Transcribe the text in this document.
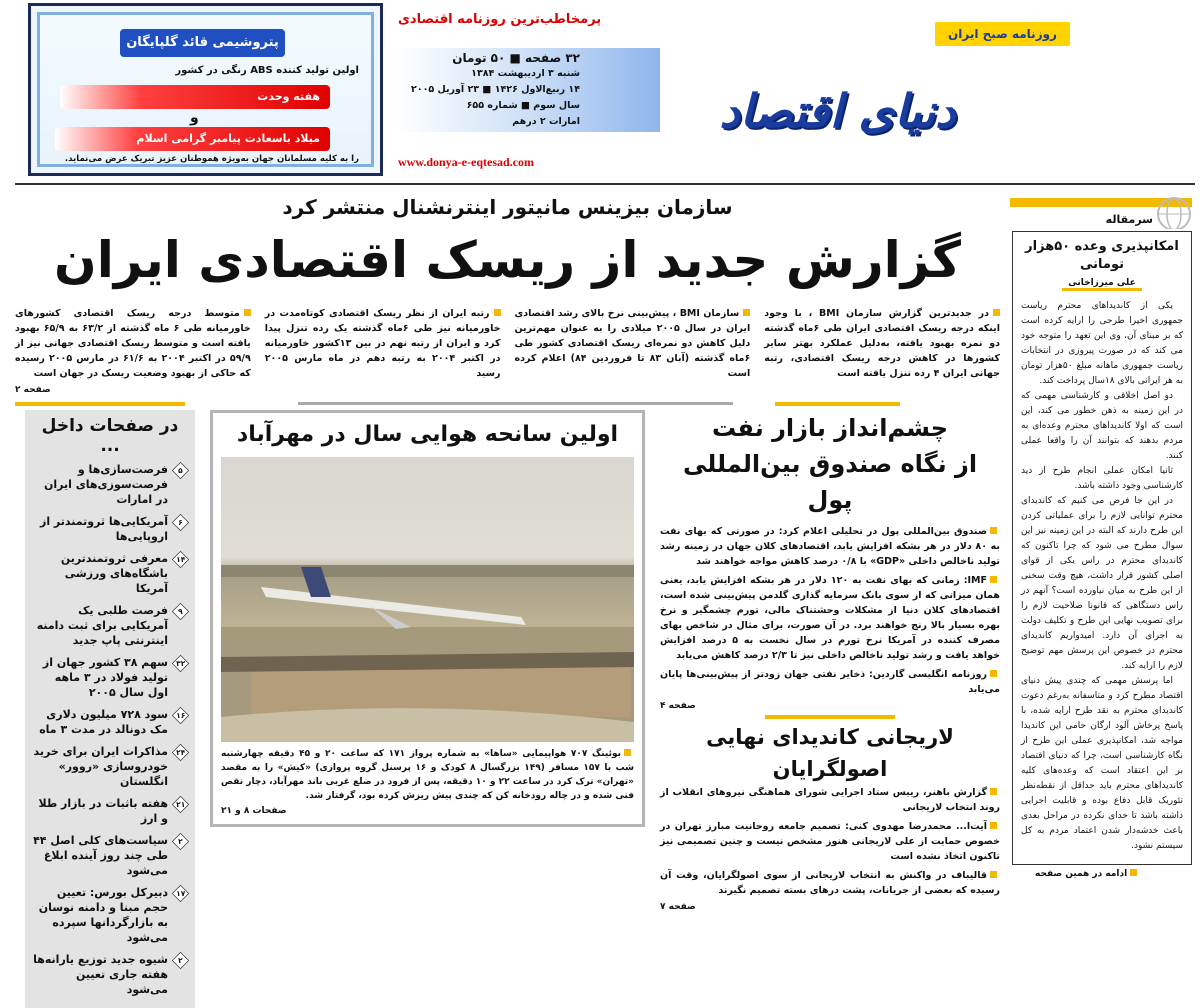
پتروشیمی قائد گلپایگان
اولین تولید کننده ABS رنگی در کشور
هفته وحدت
و
میلاد باسعادت پیامبر گرامی اسلام
را به کلیه مسلمانان جهان به‌ویژه هموطنان عزیز تبریک عرض می‌نماید.
پرمخاطب‌ترین روزنامه اقتصادی
۳۲ صفحه ■ ۵۰ تومان
شنبه ۳ اردیبهشت ۱۳۸۴
۱۴ ربیع‌الاول ۱۴۲۶ ■ ۲۳ آوریل ۲۰۰۵
سال سوم ■ شماره ۶۵۵
امارات ۲ درهم
www.donya-e-eqtesad.com
روزنامه صبح ایران
دنیای اقتصاد
سازمان بیزینس مانیتور اینترنشنال منتشر کرد
گزارش جدید از ریسک اقتصادی ایران
در جدیدترین گزارش سازمان BMI ، با وجود اینکه درجه ریسک اقتصادی ایران طی ۶ماه گذشته دو نمره بهبود یافته، به‌دلیل عملکرد بهتر سایر کشورها در کاهش درجه ریسک اقتصادی، رتبه جهانی ایران ۴ رده تنزل یافته است
سازمان BMI ، پیش‌بینی نرخ بالای رشد اقتصادی ایران در سال ۲۰۰۵ میلادی را به عنوان مهم‌ترین دلیل کاهش دو نمره‌ای ریسک اقتصادی کشور طی ۶ماه گذشته (آبان ۸۳ تا فروردین ۸۴) اعلام کرده است
رتبه ایران از نظر ریسک اقتصادی کوتاه‌مدت در خاورمیانه نیز طی ۶ماه گذشته یک رده تنزل پیدا کرد و ایران از رتبه نهم در بین ۱۳کشور خاورمیانه در اکتبر ۲۰۰۴ به رتبه دهم در ماه مارس ۲۰۰۵ رسید
متوسط درجه ریسک اقتصادی کشورهای خاورمیانه طی ۶ ماه گذشته از ۶۳/۲ به ۶۵/۹ بهبود یافته است و متوسط ریسک اقتصادی جهانی نیز از ۵۹/۹ در اکتبر ۲۰۰۴ به ۶۱/۶ در مارس ۲۰۰۵ رسیده که حاکی از بهبود وضعیت ریسک در جهان است
صفحه ۲
چشم‌انداز بازار نفت
از نگاه صندوق بین‌المللی پول

صندوق بین‌المللی پول در تحلیلی اعلام کرد: در صورتی که بهای نفت به ۸۰ دلار در هر بشکه افزایش یابد، اقتصادهای کلان جهان در زمینه رشد تولید ناخالص داخلی «GDP» با ۰/۸ درصد کاهش مواجه خواهند شد

IMF: زمانی که بهای نفت به ۱۲۰ دلار در هر بشکه افزایش یابد، یعنی همان میزانی که از سوی بانک سرمایه گذاری گلدمن پیش‌بینی شده است، اقتصادهای کلان دنیا از مشکلات وحشتناک مالی، تورم چشمگیر و نرخ بهره بسیار بالا رنج خواهند برد. در آن صورت، برای مثال در شاخص بهای مصرف کننده در آمریکا نرخ تورم در سال نخست به ۵ درصد افزایش خواهد یافت و رشد تولید ناخالص داخلی نیز تا ۲/۳ درصد کاهش می‌یابد

روزنامه انگلیسی گاردین: ذخایر نفتی جهان زودتر از پیش‌بینی‌ها پایان می‌یابد

صفحه ۴
لاریجانی کاندیدای نهایی اصولگرایان

گزارش باهنر، رییس ستاد اجرایی شورای هماهنگی نیروهای انقلاب از روند انتخاب لاریجانی

آیت‌ا... محمدرضا مهدوی کنی: تصمیم جامعه روحانیت مبارز تهران در خصوص حمایت از علی لاریجانی هنوز مشخص نیست و چنین تصمیمی نیز تاکنون اتخاذ نشده است

قالیباف در واکنش به انتخاب لاریجانی از سوی اصولگرایان، وقت آن رسیده که بعضی از جریانات، پشت درهای بسته تصمیم نگیرند

صفحه ۷
اولین سانحه هوایی سال در مهرآباد
بوئینگ ۷۰۷ هواپیمایی «ساها» به شماره پرواز ۱۷۱ که ساعت ۲۰ و ۴۵ دقیقه چهارشنبه شب با ۱۵۷ مسافر (۱۴۹ بزرگسال ۸ کودک و ۱۶ پرسنل گروه پروازی) «کیش» را به مقصد «تهران» ترک کرد در ساعت ۲۲ و ۱۰ دقیقه، پس از فرود در ضلع غربی باند مهرآباد، دچار نقص فنی شده و در چاله رودخانه کن که چندی پیش ریزش کرده بود، گرفتار شد.
صفحات ۸ و ۲۱
در صفحات داخل ...
۵
فرصت‌سازی‌ها و فرصت‌سوزی‌های ایران در امارات
۶
آمریکایی‌ها ثروتمندتر از اروپایی‌ها
۱۴
معرفی ثروتمندترین باشگاه‌های ورزشی آمریکا
۹
فرصت طلبی یک آمریکایی برای ثبت دامنه اینترنتی پاپ جدید
۳۲
سهم ۳۸ کشور جهان از تولید فولاد در ۳ ماهه اول سال ۲۰۰۵
۱۶
سود ۷۲۸ میلیون دلاری مک دونالد در مدت ۳ ماه
۲۴
مذاکرات ایران برای خرید خودروسازی «روور» انگلستان
۲۱
هفته باثبات در بازار طلا و ارز
۲
سیاست‌های کلی اصل ۴۴ طی چند روز آینده ابلاغ می‌شود
۱۷
دبیرکل بورس: تعیین حجم مبنا و دامنه نوسان به بازارگردانها سپرده می‌شود
۲
شیوه جدید توزیع یارانه‌ها هفته جاری تعیین می‌شود
سرمقاله
امکانپذیری وعده ۵۰هزار تومانی
علی میرزاخانی

یکی از کاندیداهای محترم ریاست جمهوری اخیرا طرحی را ارایه کرده است که بر مبنای آن، وی این تعهد را متوجه خود می کند که در صورت پیروزی در انتخابات ریاست جمهوری ماهانه مبلغ ۵۰هزار تومان به هر ایرانی بالای ۱۸سال پرداخت کند.

دو اصل اخلاقی و کارشناسی مهمی که در این زمینه به ذهن خطور می کند، این است که اولا کاندیداهای محترم وعده‌ای به مردم بدهند که بتوانند آن را واقعا عملی کنند.

ثانیا امکان عملی انجام طرح از دید کارشناسی وجود داشته باشد.

در این جا فرض می کنیم که کاندیدای محترم توانایی لازم را برای عملیاتی کردن این طرح دارند که البته در این زمینه نیز این سوال مطرح می شود که چرا تاکنون که کاندیدای محترم در راس یکی از قوای اصلی کشور قرار داشت، هیچ وقت سخنی از این طرح به میان نیاورده است؟ آنهم در راس دستگاهی که قانونا صلاحیت لازم را برای تصویب نهایی این طرح و تکلیف دولت به اجرای آن دارد. امیدواریم کاندیدای محترم در خصوص این پرسش مهم توضیح لازم را ارایه کند.

اما پرسش مهمی که چندی پیش دنیای اقتصاد مطرح کرد و متاسفانه به‌رغم دعوت کاندیدای محترم به نقد طرح ارایه شده، با پاسخ پرخاش آلود ارگان حامی این کاندیدا مواجه شد، امکانپذیری عملی این طرح از نگاه کارشناسی است، چرا که دنیای اقتصاد بر این اعتقاد است که وعده‌های کلیه کاندیداهای محترم باید حداقل از نقطه‌نظر تئوریک قابل دفاع بوده و قابلیت اجرایی داشته باشد تا خدای نکرده در مراحل بعدی باعث خدشه‌دار شدن اعتماد مردم به کل سیستم نشود.

ادامه در همین صفحه
